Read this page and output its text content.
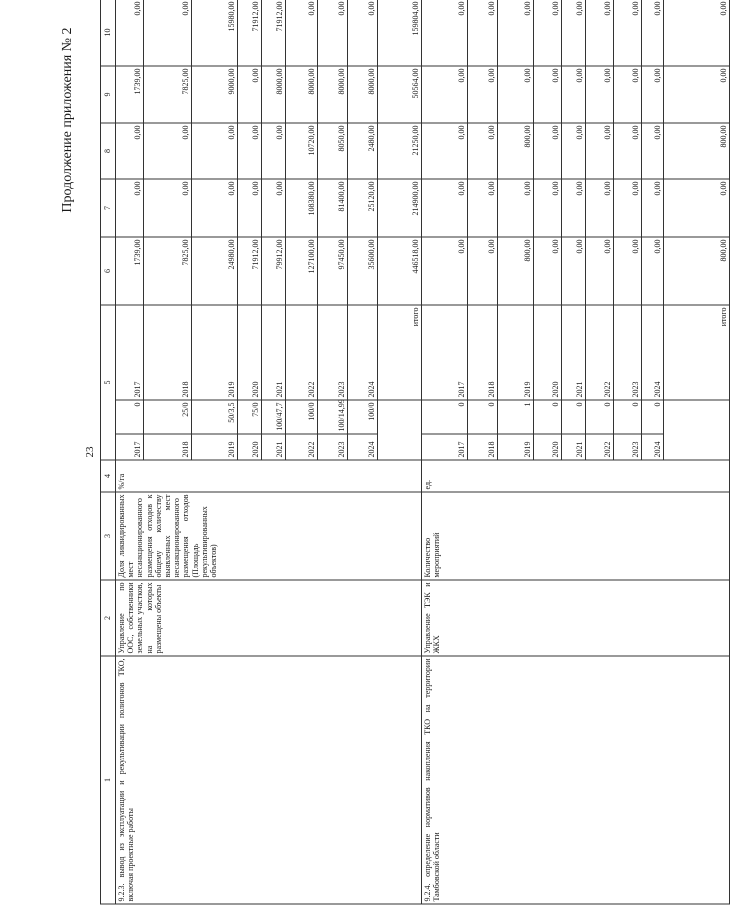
Продолжение приложения № 2
23
1	2	3	4	5			6	7	8	9	10
9.2.3. вывод из эксплуатации и рекультивации полигонов ТКО, включая проектные работы	Управление по ООС, собственники земельных участков, на которых размещены объекты	Доля ликвидированных мест несанкционированного размещения отходов к общему количеству выявленных мест несанкционированного размещения отходов (Площадь рекультивированных объектов)	%/га	2017	0	2017	1739,00	0,00	0,00	1739,00	0,00
				2018	25/0	2018	7825,00	0,00	0,00	7825,00	0,00
				2019	50/3,5	2019	24980,00	0,00	0,00	9000,00	15980,00
				2020	75/0	2020	71912,00	0,00	0,00	0,00	71912,00
				2021	100/47,7	2021	79912,00	0,00	0,00	8000,00	71912,00
				2022	100/0	2022	127100,00	108380,00	10720,00	8000,00	0,00
				2023	100/14,99	2023	97450,00	81400,00	8050,00	8000,00	0,00
				2024	100/0	2024	35600,00	25120,00	2480,00	8000,00	0,00
						итого	446518,00	214900,00	21250,00	50564,00	159804,00
9.2.4. определение нормативов накопления ТКО на территории Тамбовской области	Управление ТЭК и ЖКХ	Количество мероприятий	ед.	2017	0	2017	0,00	0,00	0,00	0,00	0,00
				2018	0	2018	0,00	0,00	0,00	0,00	0,00
				2019	1	2019	800,00	0,00	800,00	0,00	0,00
				2020	0	2020	0,00	0,00	0,00	0,00	0,00
				2021	0	2021	0,00	0,00	0,00	0,00	0,00
				2022	0	2022	0,00	0,00	0,00	0,00	0,00
				2023	0	2023	0,00	0,00	0,00	0,00	0,00
				2024	0	2024	0,00	0,00	0,00	0,00	0,00
						итого	800,00	0,00	800,00	0,00	0,00
